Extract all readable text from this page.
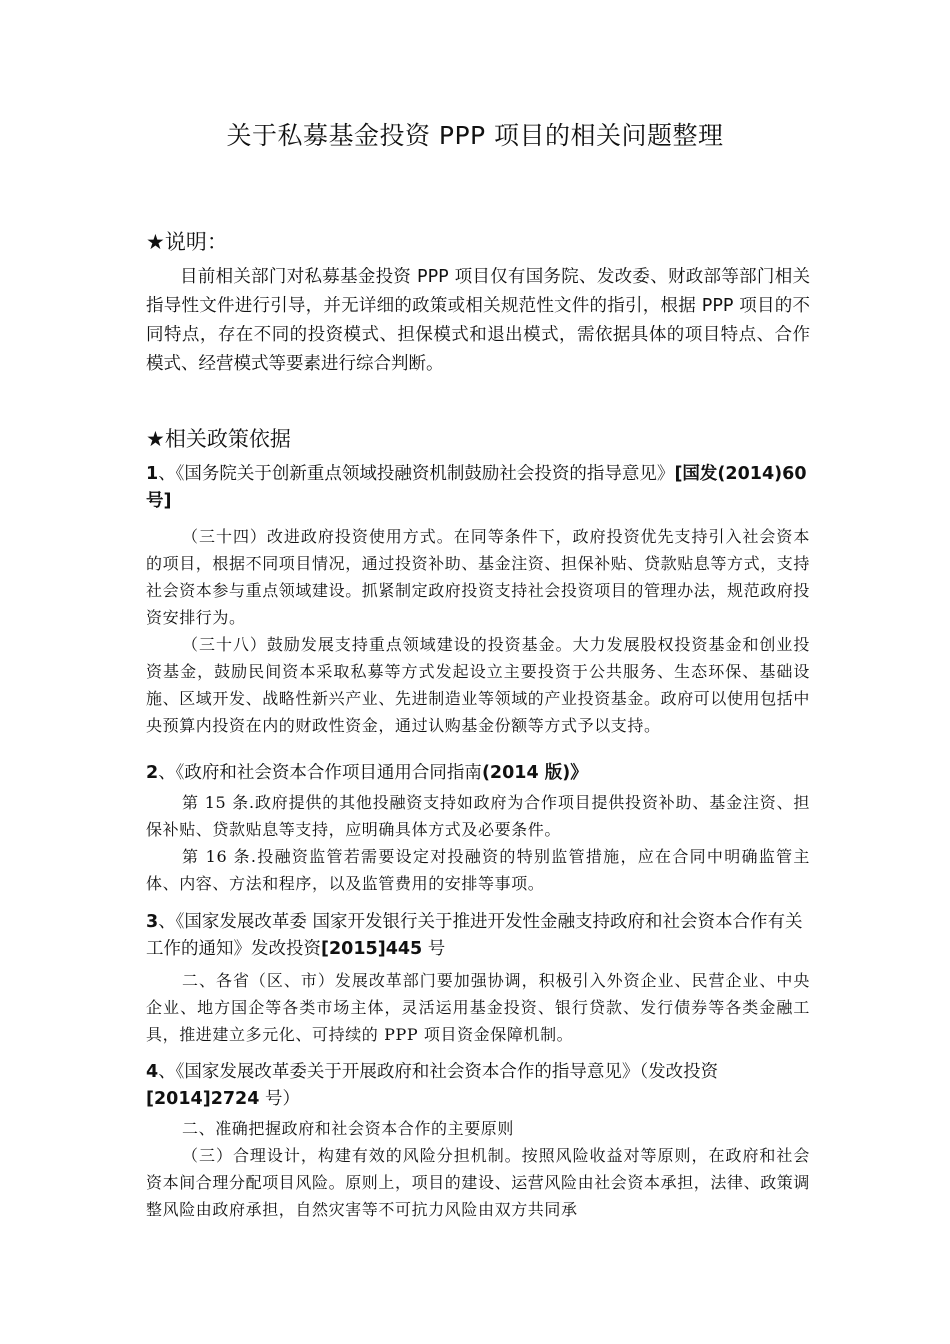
关于私募基金投资 PPP 项目的相关问题整理
★说明：
目前相关部门对私募基金投资 PPP 项目仅有国务院、发改委、财政部等部门相关指导性文件进行引导，并无详细的政策或相关规范性文件的指引，根据 PPP 项目的不同特点，存在不同的投资模式、担保模式和退出模式，需依据具体的项目特点、合作模式、经营模式等要素进行综合判断。
★相关政策依据

1、《国务院关于创新重点领域投融资机制鼓励社会投资的指导意见》[国发(2014)60号]

（三十四）改进政府投资使用方式。在同等条件下，政府投资优先支持引入社会资本的项目，根据不同项目情况，通过投资补助、基金注资、担保补贴、贷款贴息等方式，支持社会资本参与重点领域建设。抓紧制定政府投资支持社会投资项目的管理办法，规范政府投资安排行为。

（三十八）鼓励发展支持重点领域建设的投资基金。大力发展股权投资基金和创业投资基金，鼓励民间资本采取私募等方式发起设立主要投资于公共服务、生态环保、基础设施、区域开发、战略性新兴产业、先进制造业等领域的产业投资基金。政府可以使用包括中央预算内投资在内的财政性资金，通过认购基金份额等方式予以支持。

2、《政府和社会资本合作项目通用合同指南(2014 版)》

第 15 条.政府提供的其他投融资支持如政府为合作项目提供投资补助、基金注资、担保补贴、贷款贴息等支持，应明确具体方式及必要条件。

第 16 条.投融资监管若需要设定对投融资的特别监管措施，应在合同中明确监管主体、内容、方法和程序，以及监管费用的安排等事项。

3、《国家发展改革委 国家开发银行关于推进开发性金融支持政府和社会资本合作有关工作的通知》发改投资[2015]445 号

二、各省（区、市）发展改革部门要加强协调，积极引入外资企业、民营企业、中央企业、地方国企等各类市场主体，灵活运用基金投资、银行贷款、发行债券等各类金融工具，推进建立多元化、可持续的 PPP 项目资金保障机制。

4、《国家发展改革委关于开展政府和社会资本合作的指导意见》（发改投资[2014]2724 号）

二、准确把握政府和社会资本合作的主要原则

（三）合理设计，构建有效的风险分担机制。按照风险收益对等原则，在政府和社会资本间合理分配项目风险。原则上，项目的建设、运营风险由社会资本承担，法律、政策调整风险由政府承担，自然灾害等不可抗力风险由双方共同承
